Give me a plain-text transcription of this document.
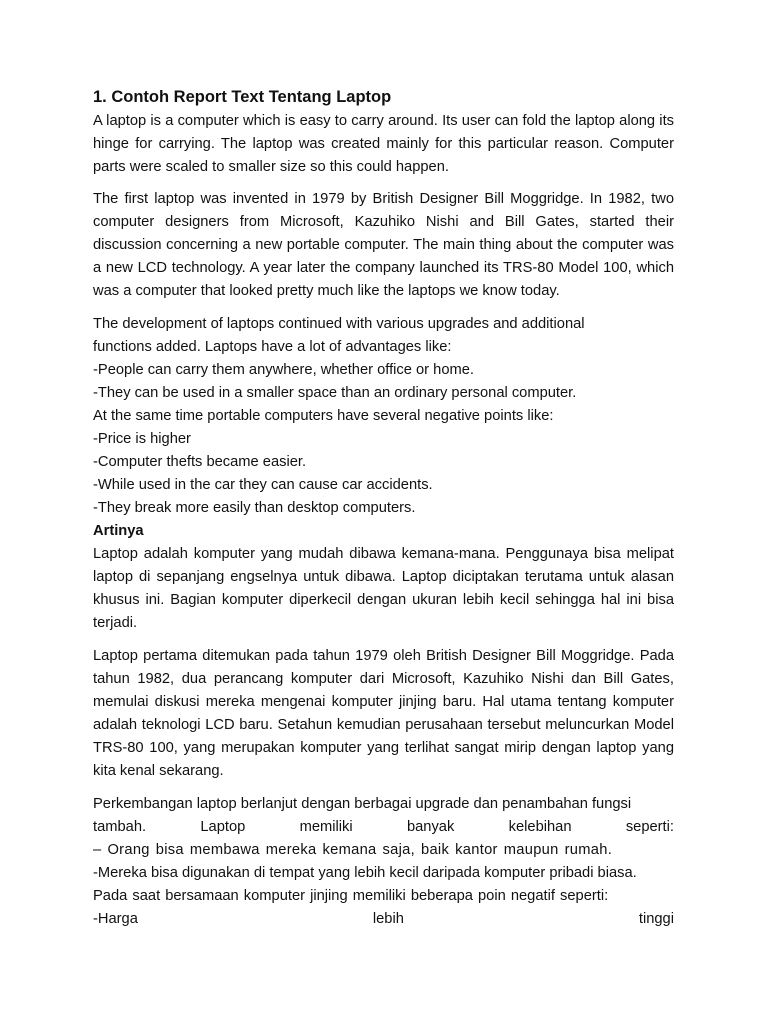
1. Contoh Report Text Tentang Laptop

A laptop is a computer which is easy to carry around. Its user can fold the laptop along its hinge for carrying. The laptop was created mainly for this particular reason. Computer parts were scaled to smaller size so this could happen.

The first laptop was invented in 1979 by British Designer Bill Moggridge. In 1982, two computer designers from Microsoft, Kazuhiko Nishi and Bill Gates, started their discussion concerning a new portable computer. The main thing about the computer was a new LCD technology. A year later the company launched its TRS-80 Model 100, which was a computer that looked pretty much like the laptops we know today.

The development of laptops continued with various upgrades and additional

functions added. Laptops have a lot of advantages like:

-People can carry them anywhere, whether office or home.

-They can be used in a smaller space than an ordinary personal computer.

At the same time portable computers have several negative points like:

-Price is higher

-Computer thefts became easier.

-While used in the car they can cause car accidents.

-They break more easily than desktop computers.

Artinya

Laptop adalah komputer yang mudah dibawa kemana-mana. Penggunaya bisa melipat laptop di sepanjang engselnya untuk dibawa. Laptop diciptakan terutama untuk alasan khusus ini. Bagian komputer diperkecil dengan ukuran lebih kecil sehingga hal ini bisa terjadi.

Laptop pertama ditemukan pada tahun 1979 oleh British Designer Bill Moggridge. Pada tahun 1982, dua perancang komputer dari Microsoft, Kazuhiko Nishi dan Bill Gates, memulai diskusi mereka mengenai komputer jinjing baru. Hal utama tentang komputer adalah teknologi LCD baru. Setahun kemudian perusahaan tersebut meluncurkan Model TRS-80 100, yang merupakan komputer yang terlihat sangat mirip dengan laptop yang kita kenal sekarang.

Perkembangan laptop berlanjut dengan berbagai upgrade dan penambahan fungsi

tambah.	Laptop	memiliki	banyak	kelebihan	seperti:

– Orang bisa membawa mereka kemana saja, baik kantor maupun rumah.

-Mereka bisa digunakan di tempat yang lebih kecil daripada komputer pribadi biasa.

Pada saat bersamaan komputer jinjing memiliki beberapa poin negatif seperti:

-Harga	lebih	tinggi
